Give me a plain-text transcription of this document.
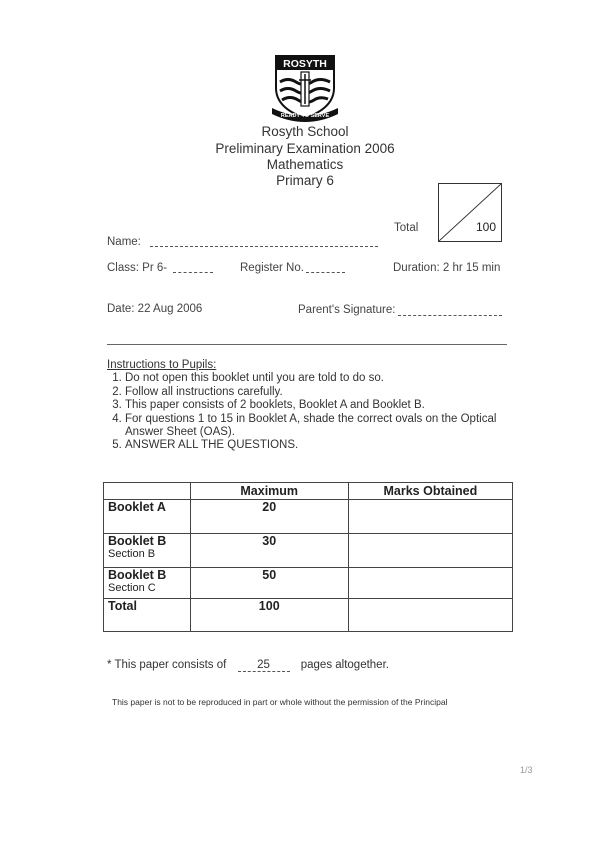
ROSYTH
READY TO SERVE
Rosyth School
Preliminary Examination 2006
Mathematics
Primary 6
Total	100
Name:
Class: Pr 6-	Register No.	Duration: 2 hr 15 min
Date: 22 Aug 2006	Parent's Signature:
Instructions to Pupils:
1. Do not open this booklet until you are told to do so.
2. Follow all instructions carefully.
3. This paper consists of 2 booklets, Booklet A and Booklet B.
4. For questions 1 to 15 in Booklet A, shade the correct ovals on the Optical Answer Sheet (OAS).
5. ANSWER ALL THE QUESTIONS.
	Maximum	Marks Obtained
Booklet A	20	
Booklet B
Section B	30	
Booklet B
Section C	50	
Total	100	
* This paper consists of	25	pages altogether.
This paper is not to be reproduced in part or whole without the permission of the Principal
1/3
